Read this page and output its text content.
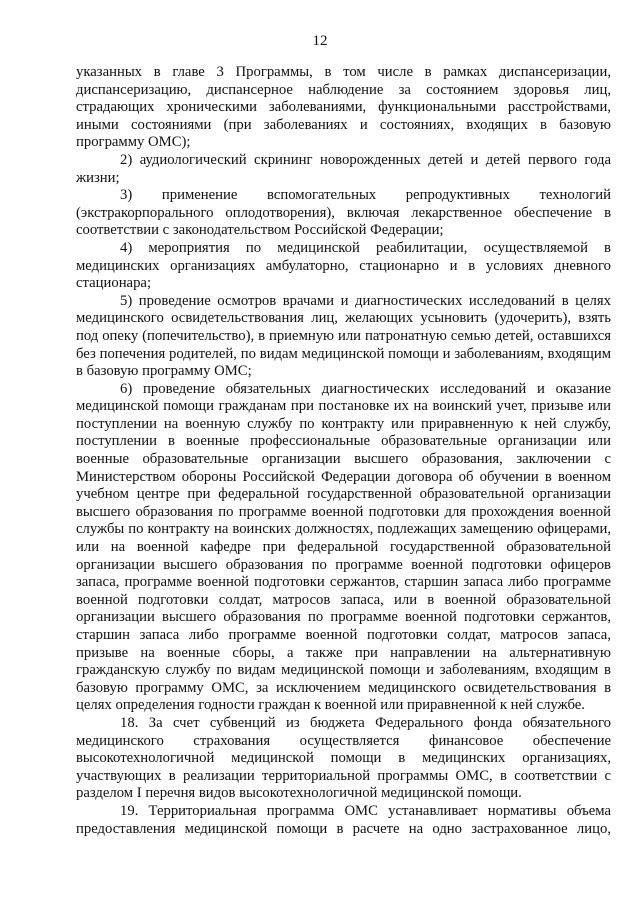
12

указанных в главе 3 Программы, в том числе в рамках диспансеризации, диспансеризацию, диспансерное наблюдение за состоянием здоровья лиц, страдающих хроническими заболеваниями, функциональными расстройствами, иными состояниями (при заболеваниях и состояниях, входящих в базовую программу ОМС);

2) аудиологический скрининг новорожденных детей и детей первого года жизни;

3) применение вспомогательных репродуктивных технологий (экстракорпорального оплодотворения), включая лекарственное обеспечение в соответствии с законодательством Российской Федерации;

4) мероприятия по медицинской реабилитации, осуществляемой в медицинских организациях амбулаторно, стационарно и в условиях дневного стационара;

5) проведение осмотров врачами и диагностических исследований в целях медицинского освидетельствования лиц, желающих усыновить (удочерить), взять под опеку (попечительство), в приемную или патронатную семью детей, оставшихся без попечения родителей, по видам медицинской помощи и заболеваниям, входящим в базовую программу ОМС;

6) проведение обязательных диагностических исследований и оказание медицинской помощи гражданам при постановке их на воинский учет, призыве или поступлении на военную службу по контракту или приравненную к ней службу, поступлении в военные профессиональные образовательные организации или военные образовательные организации высшего образования, заключении с Министерством обороны Российской Федерации договора об обучении в военном учебном центре при федеральной государственной образовательной организации высшего образования по программе военной подготовки для прохождения военной службы по контракту на воинских должностях, подлежащих замещению офицерами, или на военной кафедре при федеральной государственной образовательной организации высшего образования по программе военной подготовки офицеров запаса, программе военной подготовки сержантов, старшин запаса либо программе военной подготовки солдат, матросов запаса, или в военной образовательной организации высшего образования по программе военной подготовки сержантов, старшин запаса либо программе военной подготовки солдат, матросов запаса, призыве на военные сборы, а также при направлении на альтернативную гражданскую службу по видам медицинской помощи и заболеваниям, входящим в базовую программу ОМС, за исключением медицинского освидетельствования в целях определения годности граждан к военной или приравненной к ней службе.

18. За счет субвенций из бюджета Федерального фонда обязательного медицинского страхования осуществляется финансовое обеспечение высокотехнологичной медицинской помощи в медицинских организациях, участвующих в реализации территориальной программы ОМС, в соответствии с разделом I перечня видов высокотехнологичной медицинской помощи.

19. Территориальная программа ОМС устанавливает нормативы объема предоставления медицинской помощи в расчете на одно застрахованное лицо,
